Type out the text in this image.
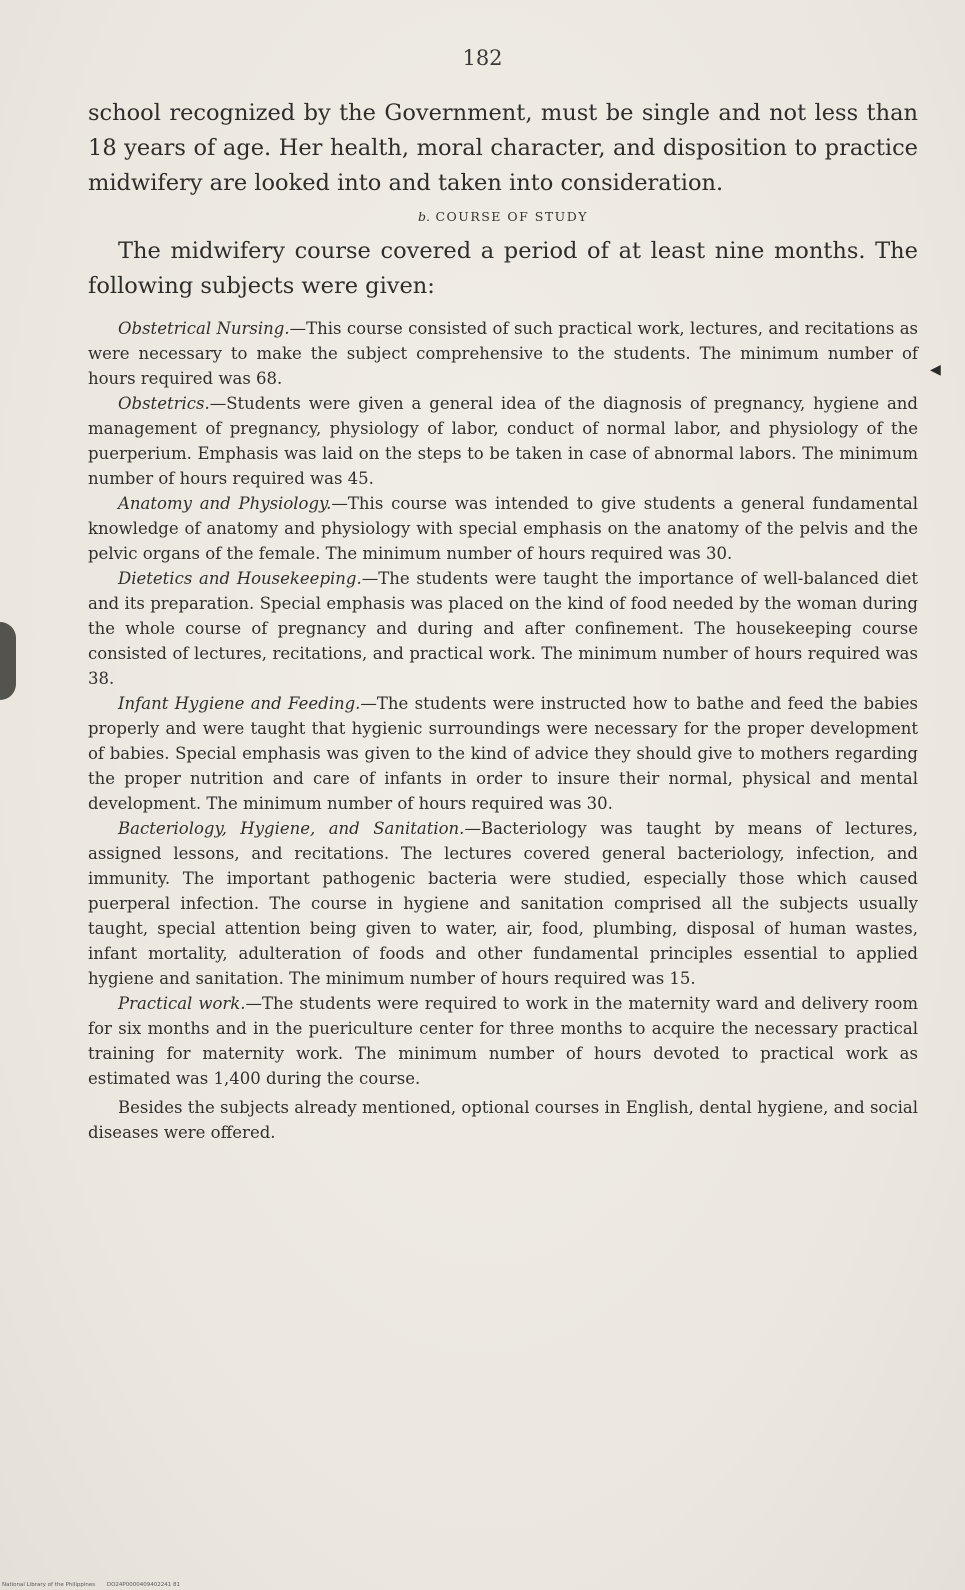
182

school recognized by the Government, must be single and not less than 18 years of age. Her health, moral character, and disposition to practice midwifery are looked into and taken into consideration.

b. COURSE OF STUDY

The midwifery course covered a period of at least nine months. The following subjects were given:

Obstetrical Nursing.—This course consisted of such practical work, lectures, and recitations as were necessary to make the subject comprehensive to the students. The minimum number of hours required was 68.

Obstetrics.—Students were given a general idea of the diagnosis of pregnancy, hygiene and management of pregnancy, physiology of labor, conduct of normal labor, and physiology of the puerperium. Emphasis was laid on the steps to be taken in case of abnormal labors. The minimum number of hours required was 45.

Anatomy and Physiology.—This course was intended to give students a general fundamental knowledge of anatomy and physiology with special emphasis on the anatomy of the pelvis and the pelvic organs of the female. The minimum number of hours required was 30.

Dietetics and Housekeeping.—The students were taught the importance of well-balanced diet and its preparation. Special emphasis was placed on the kind of food needed by the woman during the whole course of pregnancy and during and after confinement. The housekeeping course consisted of lectures, recitations, and practical work. The minimum number of hours required was 38.

Infant Hygiene and Feeding.—The students were instructed how to bathe and feed the babies properly and were taught that hygienic surroundings were necessary for the proper development of babies. Special emphasis was given to the kind of advice they should give to mothers regarding the proper nutrition and care of infants in order to insure their normal, physical and mental development. The minimum number of hours required was 30.

Bacteriology, Hygiene, and Sanitation.—Bacteriology was taught by means of lectures, assigned lessons, and recitations. The lectures covered general bacteriology, infection, and immunity. The important pathogenic bacteria were studied, especially those which caused puerperal infection. The course in hygiene and sanitation comprised all the subjects usually taught, special attention being given to water, air, food, plumbing, disposal of human wastes, infant mortality, adulteration of foods and other fundamental principles essential to applied hygiene and sanitation. The minimum number of hours required was 15.

Practical work.—The students were required to work in the maternity ward and delivery room for six months and in the puericulture center for three months to acquire the necessary practical training for maternity work. The minimum number of hours devoted to practical work as estimated was 1,400 during the course.

Besides the subjects already mentioned, optional courses in English, dental hygiene, and social diseases were offered.

◀
National Library of the Philippines DO24P0000409402241 81
